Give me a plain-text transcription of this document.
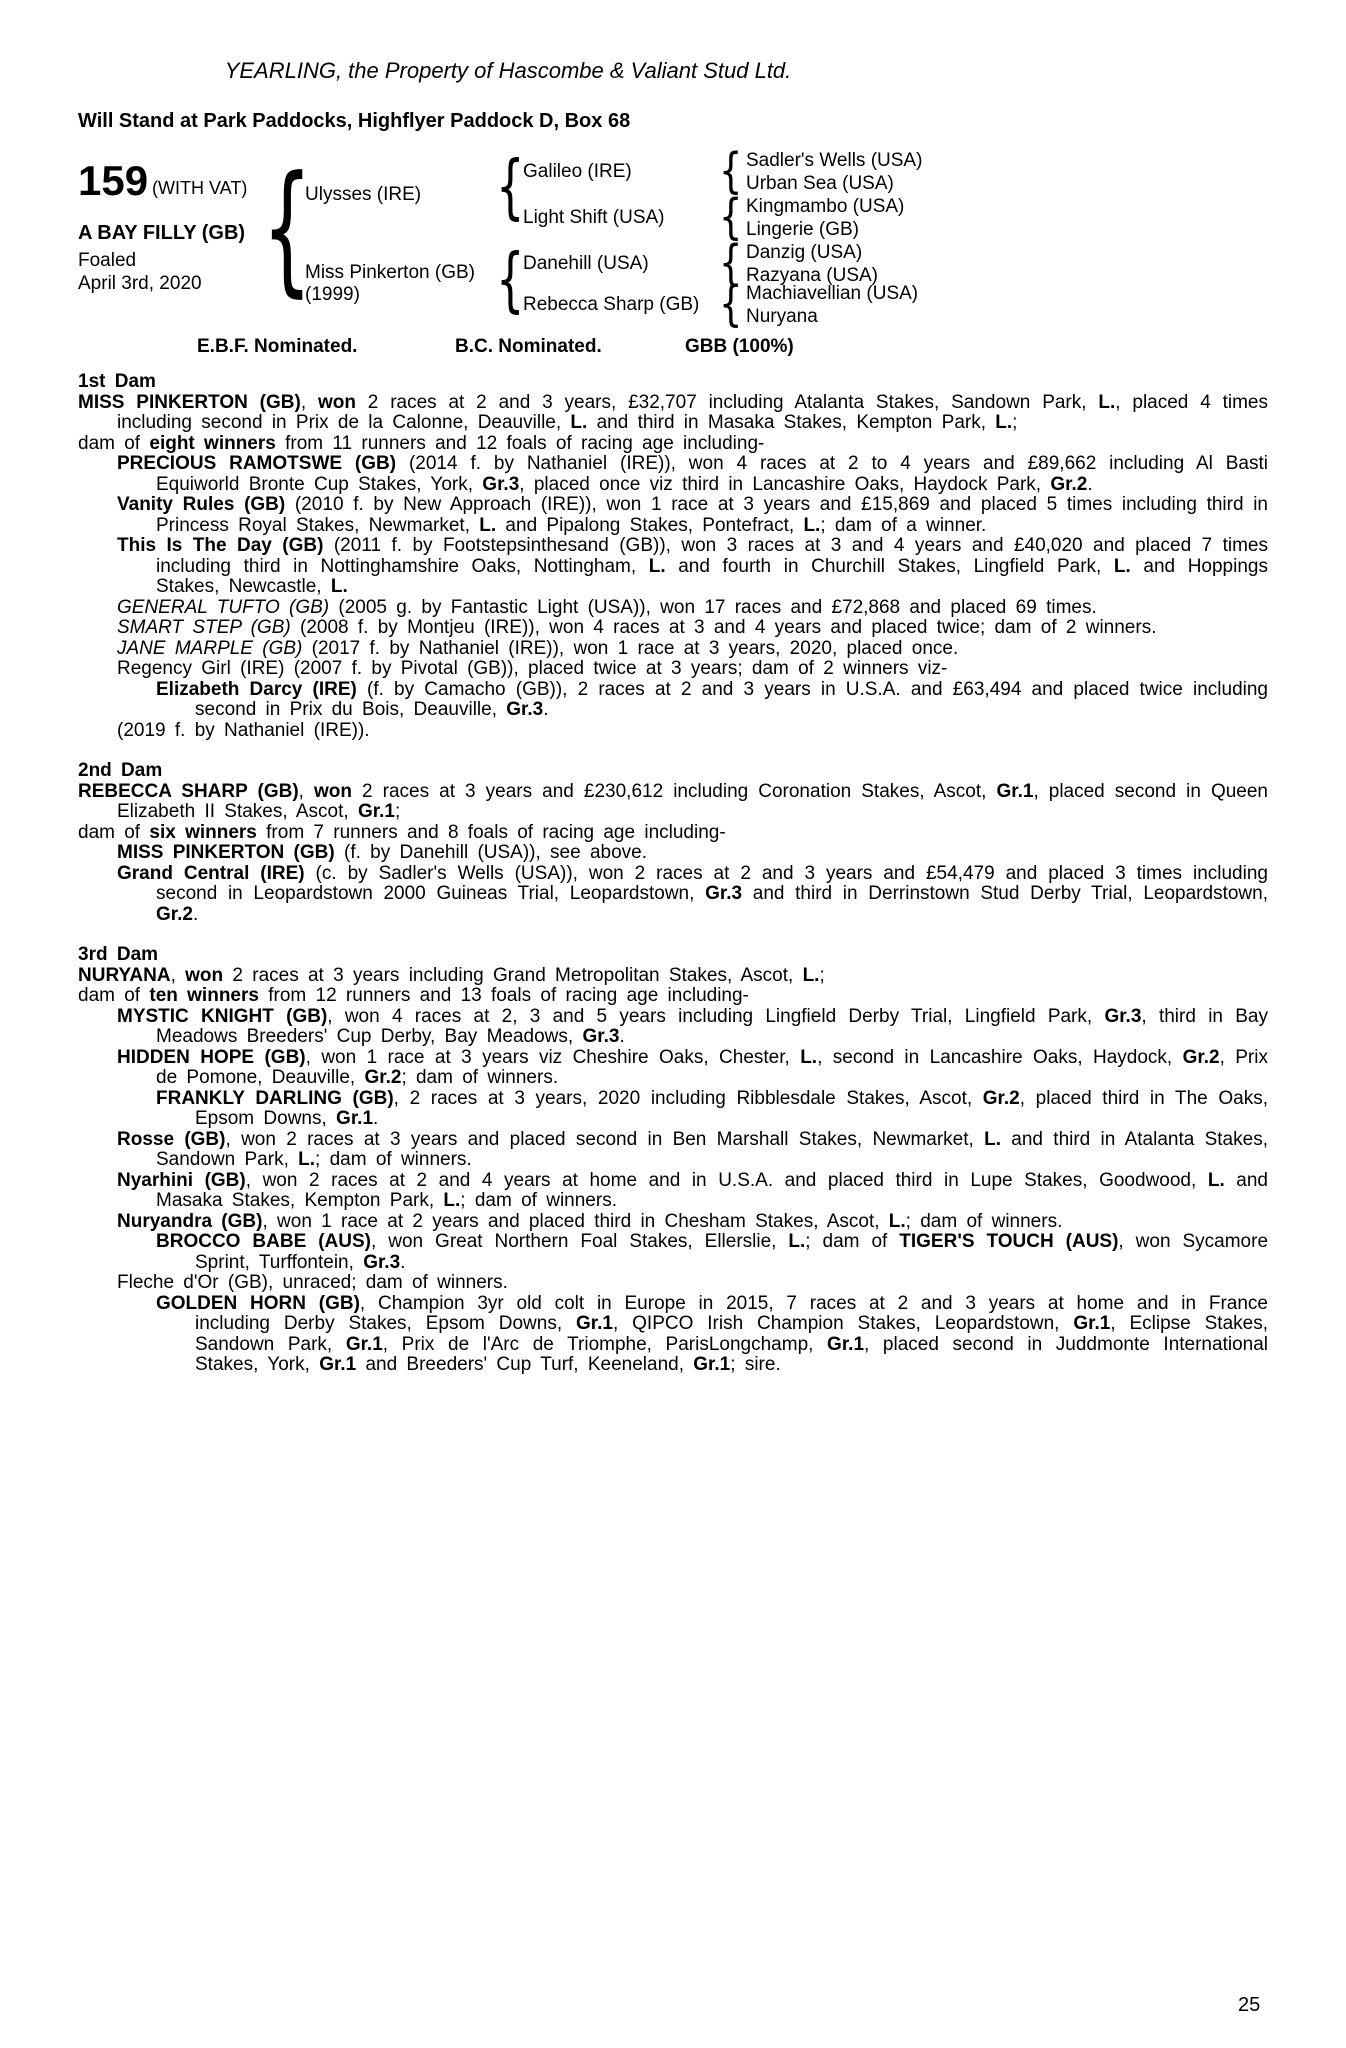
YEARLING, the Property of Hascombe & Valiant Stud Ltd.
Will Stand at Park Paddocks, Highflyer Paddock D, Box 68
159 (WITH VAT)
A BAY FILLY (GB)
Foaled
April 3rd, 2020 {	{
{
{
{
{
{
Ulysses (IRE)
Miss Pinkerton (GB)
(1999)
Galileo (IRE)
Light Shift (USA)
Danehill (USA)
Rebecca Sharp (GB)
Sadler's Wells (USA)
Urban Sea (USA)
Kingmambo (USA)
Lingerie (GB)
Danzig (USA)
Razyana (USA)
Machiavellian (USA)
Nuryana
E.B.F. Nominated.	B.C. Nominated.	GBB (100%)
1st Dam

MISS PINKERTON (GB), won 2 races at 2 and 3 years, £32,707 including Atalanta Stakes, Sandown Park, L., placed 4 times including second in Prix de la Calonne, Deauville, L. and third in Masaka Stakes, Kempton Park, L.;

dam of eight winners from 11 runners and 12 foals of racing age including-

PRECIOUS RAMOTSWE (GB) (2014 f. by Nathaniel (IRE)), won 4 races at 2 to 4 years and £89,662 including Al Basti Equiworld Bronte Cup Stakes, York, Gr.3, placed once viz third in Lancashire Oaks, Haydock Park, Gr.2.

Vanity Rules (GB) (2010 f. by New Approach (IRE)), won 1 race at 3 years and £15,869 and placed 5 times including third in Princess Royal Stakes, Newmarket, L. and Pipalong Stakes, Pontefract, L.; dam of a winner.

This Is The Day (GB) (2011 f. by Footstepsinthesand (GB)), won 3 races at 3 and 4 years and £40,020 and placed 7 times including third in Nottinghamshire Oaks, Nottingham, L. and fourth in Churchill Stakes, Lingfield Park, L. and Hoppings Stakes, Newcastle, L.

GENERAL TUFTO (GB) (2005 g. by Fantastic Light (USA)), won 17 races and £72,868 and placed 69 times.

SMART STEP (GB) (2008 f. by Montjeu (IRE)), won 4 races at 3 and 4 years and placed twice; dam of 2 winners.

JANE MARPLE (GB) (2017 f. by Nathaniel (IRE)), won 1 race at 3 years, 2020, placed once.

Regency Girl (IRE) (2007 f. by Pivotal (GB)), placed twice at 3 years; dam of 2 winners viz-

Elizabeth Darcy (IRE) (f. by Camacho (GB)), 2 races at 2 and 3 years in U.S.A. and £63,494 and placed twice including second in Prix du Bois, Deauville, Gr.3.

(2019 f. by Nathaniel (IRE)).

2nd Dam

REBECCA SHARP (GB), won 2 races at 3 years and £230,612 including Coronation Stakes, Ascot, Gr.1, placed second in Queen Elizabeth II Stakes, Ascot, Gr.1;

dam of six winners from 7 runners and 8 foals of racing age including-

MISS PINKERTON (GB) (f. by Danehill (USA)), see above.

Grand Central (IRE) (c. by Sadler's Wells (USA)), won 2 races at 2 and 3 years and £54,479 and placed 3 times including second in Leopardstown 2000 Guineas Trial, Leopardstown, Gr.3 and third in Derrinstown Stud Derby Trial, Leopardstown, Gr.2.

3rd Dam

NURYANA, won 2 races at 3 years including Grand Metropolitan Stakes, Ascot, L.;

dam of ten winners from 12 runners and 13 foals of racing age including-

MYSTIC KNIGHT (GB), won 4 races at 2, 3 and 5 years including Lingfield Derby Trial, Lingfield Park, Gr.3, third in Bay Meadows Breeders' Cup Derby, Bay Meadows, Gr.3.

HIDDEN HOPE (GB), won 1 race at 3 years viz Cheshire Oaks, Chester, L., second in Lancashire Oaks, Haydock, Gr.2, Prix de Pomone, Deauville, Gr.2; dam of winners.

FRANKLY DARLING (GB), 2 races at 3 years, 2020 including Ribblesdale Stakes, Ascot, Gr.2, placed third in The Oaks, Epsom Downs, Gr.1.

Rosse (GB), won 2 races at 3 years and placed second in Ben Marshall Stakes, Newmarket, L. and third in Atalanta Stakes, Sandown Park, L.; dam of winners.

Nyarhini (GB), won 2 races at 2 and 4 years at home and in U.S.A. and placed third in Lupe Stakes, Goodwood, L. and Masaka Stakes, Kempton Park, L.; dam of winners.

Nuryandra (GB), won 1 race at 2 years and placed third in Chesham Stakes, Ascot, L.; dam of winners.

BROCCO BABE (AUS), won Great Northern Foal Stakes, Ellerslie, L.; dam of TIGER'S TOUCH (AUS), won Sycamore Sprint, Turffontein, Gr.3.

Fleche d'Or (GB), unraced; dam of winners.

GOLDEN HORN (GB), Champion 3yr old colt in Europe in 2015, 7 races at 2 and 3 years at home and in France including Derby Stakes, Epsom Downs, Gr.1, QIPCO Irish Champion Stakes, Leopardstown, Gr.1, Eclipse Stakes, Sandown Park, Gr.1, Prix de l'Arc de Triomphe, ParisLongchamp, Gr.1, placed second in Juddmonte International Stakes, York, Gr.1 and Breeders' Cup Turf, Keeneland, Gr.1; sire.

25
